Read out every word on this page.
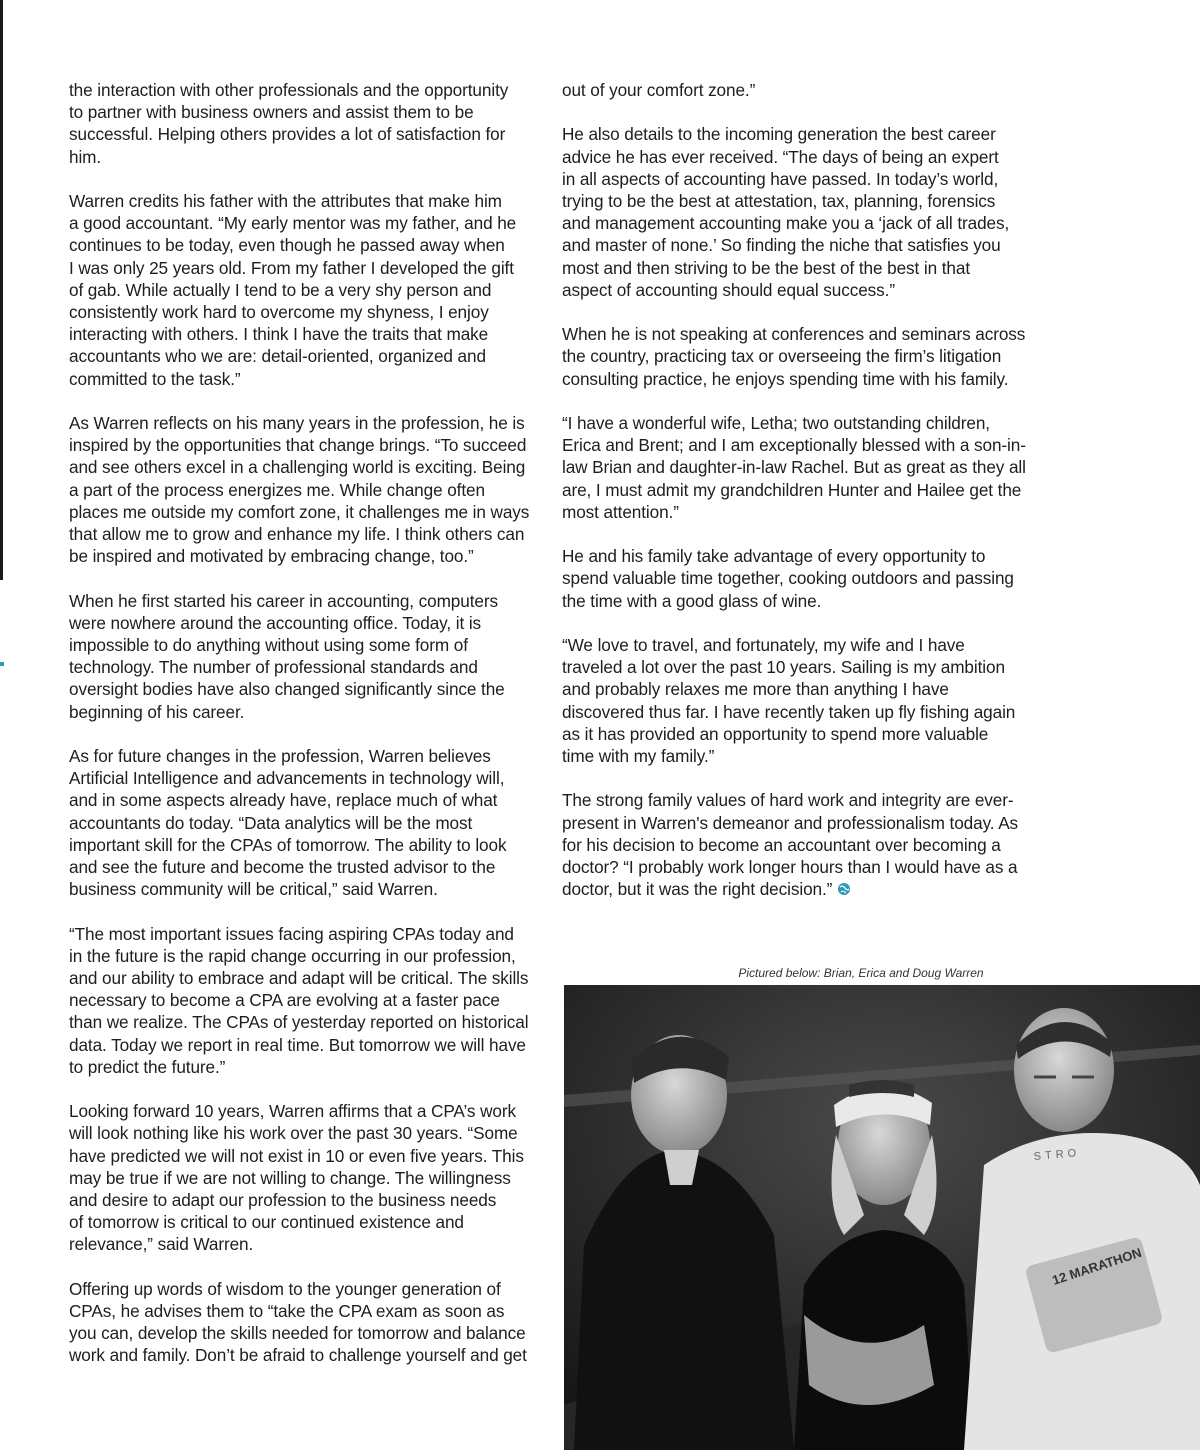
the interaction with other professionals and the opportunity
to partner with business owners and assist them to be
successful. Helping others provides a lot of satisfaction for
him.

Warren credits his father with the attributes that make him
a good accountant. “My early mentor was my father, and he
continues to be today, even though he passed away when
I was only 25 years old. From my father I developed the gift
of gab. While actually I tend to be a very shy person and
consistently work hard to overcome my shyness, I enjoy
interacting with others. I think I have the traits that make
accountants who we are: detail-oriented, organized and
committed to the task.”

As Warren reflects on his many years in the profession, he is
inspired by the opportunities that change brings. “To succeed
and see others excel in a challenging world is exciting. Being
a part of the process energizes me. While change often
places me outside my comfort zone, it challenges me in ways
that allow me to grow and enhance my life. I think others can
be inspired and motivated by embracing change, too.”

When he first started his career in accounting, computers
were nowhere around the accounting office. Today, it is
impossible to do anything without using some form of
technology. The number of professional standards and
oversight bodies have also changed significantly since the
beginning of his career.

As for future changes in the profession, Warren believes
Artificial Intelligence and advancements in technology will,
and in some aspects already have, replace much of what
accountants do today. “Data analytics will be the most
important skill for the CPAs of tomorrow. The ability to look
and see the future and become the trusted advisor to the
business community will be critical,” said Warren.

“The most important issues facing aspiring CPAs today and
in the future is the rapid change occurring in our profession,
and our ability to embrace and adapt will be critical. The skills
necessary to become a CPA are evolving at a faster pace
than we realize. The CPAs of yesterday reported on historical
data. Today we report in real time. But tomorrow we will have
to predict the future.”

Looking forward 10 years, Warren affirms that a CPA’s work
will look nothing like his work over the past 30 years. “Some
have predicted we will not exist in 10 or even five years. This
may be true if we are not willing to change. The willingness
and desire to adapt our profession to the business needs
of tomorrow is critical to our continued existence and
relevance,” said Warren.

Offering up words of wisdom to the younger generation of
CPAs, he advises them to “take the CPA exam as soon as
you can, develop the skills needed for tomorrow and balance
work and family. Don’t be afraid to challenge yourself and get

out of your comfort zone.”

He also details to the incoming generation the best career
advice he has ever received. “The days of being an expert
in all aspects of accounting have passed. In today’s world,
trying to be the best at attestation, tax, planning, forensics
and management accounting make you a ‘jack of all trades,
and master of none.’ So finding the niche that satisfies you
most and then striving to be the best of the best in that
aspect of accounting should equal success.”

When he is not speaking at conferences and seminars across
the country, practicing tax or overseeing the firm’s litigation
consulting practice, he enjoys spending time with his family.

“I have a wonderful wife, Letha; two outstanding children,
Erica and Brent; and I am exceptionally blessed with a son-in-
law Brian and daughter-in-law Rachel. But as great as they all
are, I must admit my grandchildren Hunter and Hailee get the
most attention.”

He and his family take advantage of every opportunity to
spend valuable time together, cooking outdoors and passing
the time with a good glass of wine.

“We love to travel, and fortunately, my wife and I have
traveled a lot over the past 10 years. Sailing is my ambition
and probably relaxes me more than anything I have
discovered thus far. I have recently taken up fly fishing again
as it has provided an opportunity to spend more valuable
time with my family.”

The strong family values of hard work and integrity are ever-
present in Warren's demeanor and professionalism today. As
for his decision to become an accountant over becoming a
doctor? “I probably work longer hours than I would have as a
doctor, but it was the right decision.”

Pictured below: Brian, Erica and Doug Warren
STRO
12 MARATHON
